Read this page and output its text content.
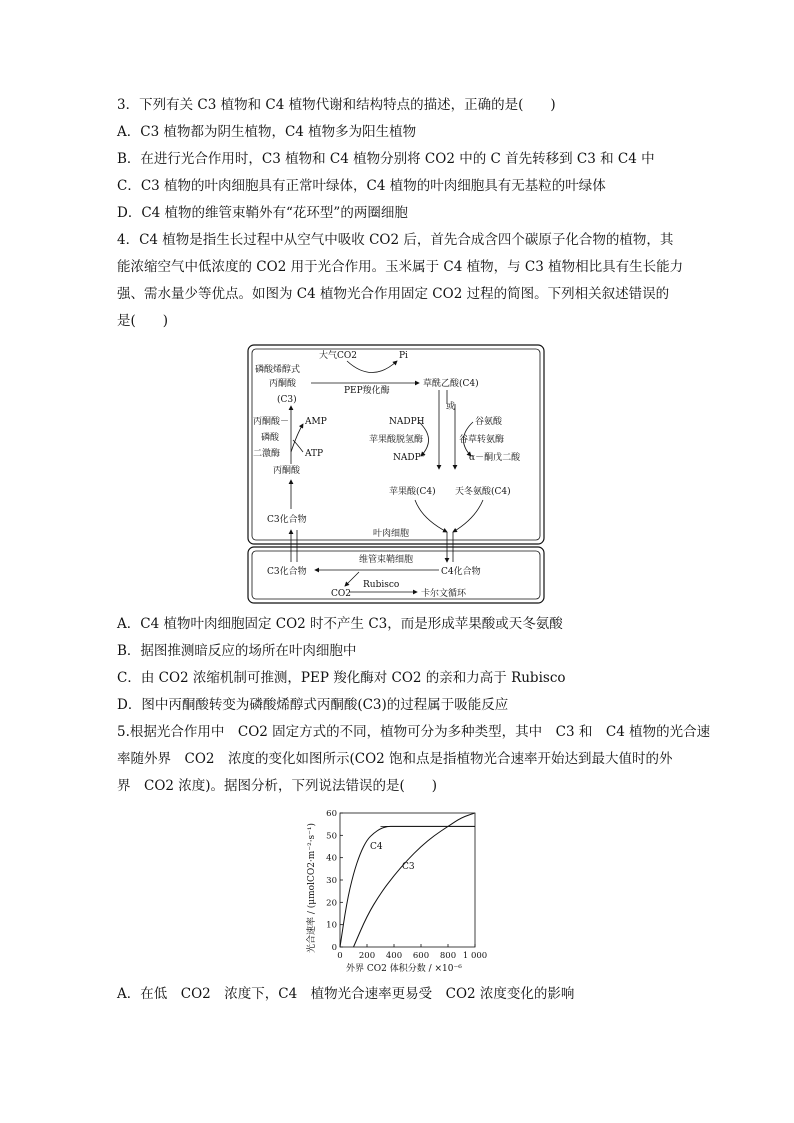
3．下列有关 C3 植物和 C4 植物代谢和结构特点的描述，正确的是(　　)
A．C3 植物都为阴生植物，C4 植物多为阳生植物
B．在进行光合作用时，C3 植物和 C4 植物分别将 CO2 中的 C 首先转移到 C3 和 C4 中
C．C3 植物的叶肉细胞具有正常叶绿体，C4 植物的叶肉细胞具有无基粒的叶绿体
D．C4 植物的维管束鞘外有“花环型”的两圈细胞
4．C4 植物是指生长过程中从空气中吸收 CO2 后，首先合成含四个碳原子化合物的植物，其
能浓缩空气中低浓度的 CO2 用于光合作用。玉米属于 C4 植物，与 C3 植物相比具有生长能力
强、需水量少等优点。如图为 C4 植物光合作用固定 CO2 过程的简图。下列相关叙述错误的
是(　　)
大气CO2	Pi
磷酸烯醇式
丙酮酸
(C3)
PEP羧化酶
草酰乙酸(C4)
或
NADPH
苹果酸脱氢酶
NADP⁺
谷氨酸
谷草转氨酶
α－酮戊二酸
苹果酸(C4) 天冬氨酸(C4)
丙酮酸－
磷酸
二激酶
AMP
ATP
丙酮酸
C3化合物
叶肉细胞
维管束鞘细胞
C3化合物	C4化合物
CO2
Rubisco
卡尔文循环
A．C4 植物叶肉细胞固定 CO2 时不产生 C3，而是形成苹果酸或天冬氨酸
B．据图推测暗反应的场所在叶肉细胞中
C．由 CO2 浓缩机制可推测，PEP 羧化酶对 CO2 的亲和力高于 Rubisco
D．图中丙酮酸转变为磷酸烯醇式丙酮酸(C3)的过程属于吸能反应
5.根据光合作用中　CO2 固定方式的不同，植物可分为多种类型，其中　C3 和　C4 植物的光合速
率随外界　CO2　浓度的变化如图所示(CO2 饱和点是指植物光合速率开始达到最大值时的外
界　CO2 浓度)。据图分析，下列说法错误的是(　　)
0 200 400 600 800 1 000
0
10
20
30
40
50
60
外界 CO2 体积分数 / ×10⁻⁶
光合速率 / (μmolCO2·m⁻²·s⁻¹)	C4
C3
A．在低　CO2　浓度下，C4　植物光合速率更易受　CO2 浓度变化的影响
